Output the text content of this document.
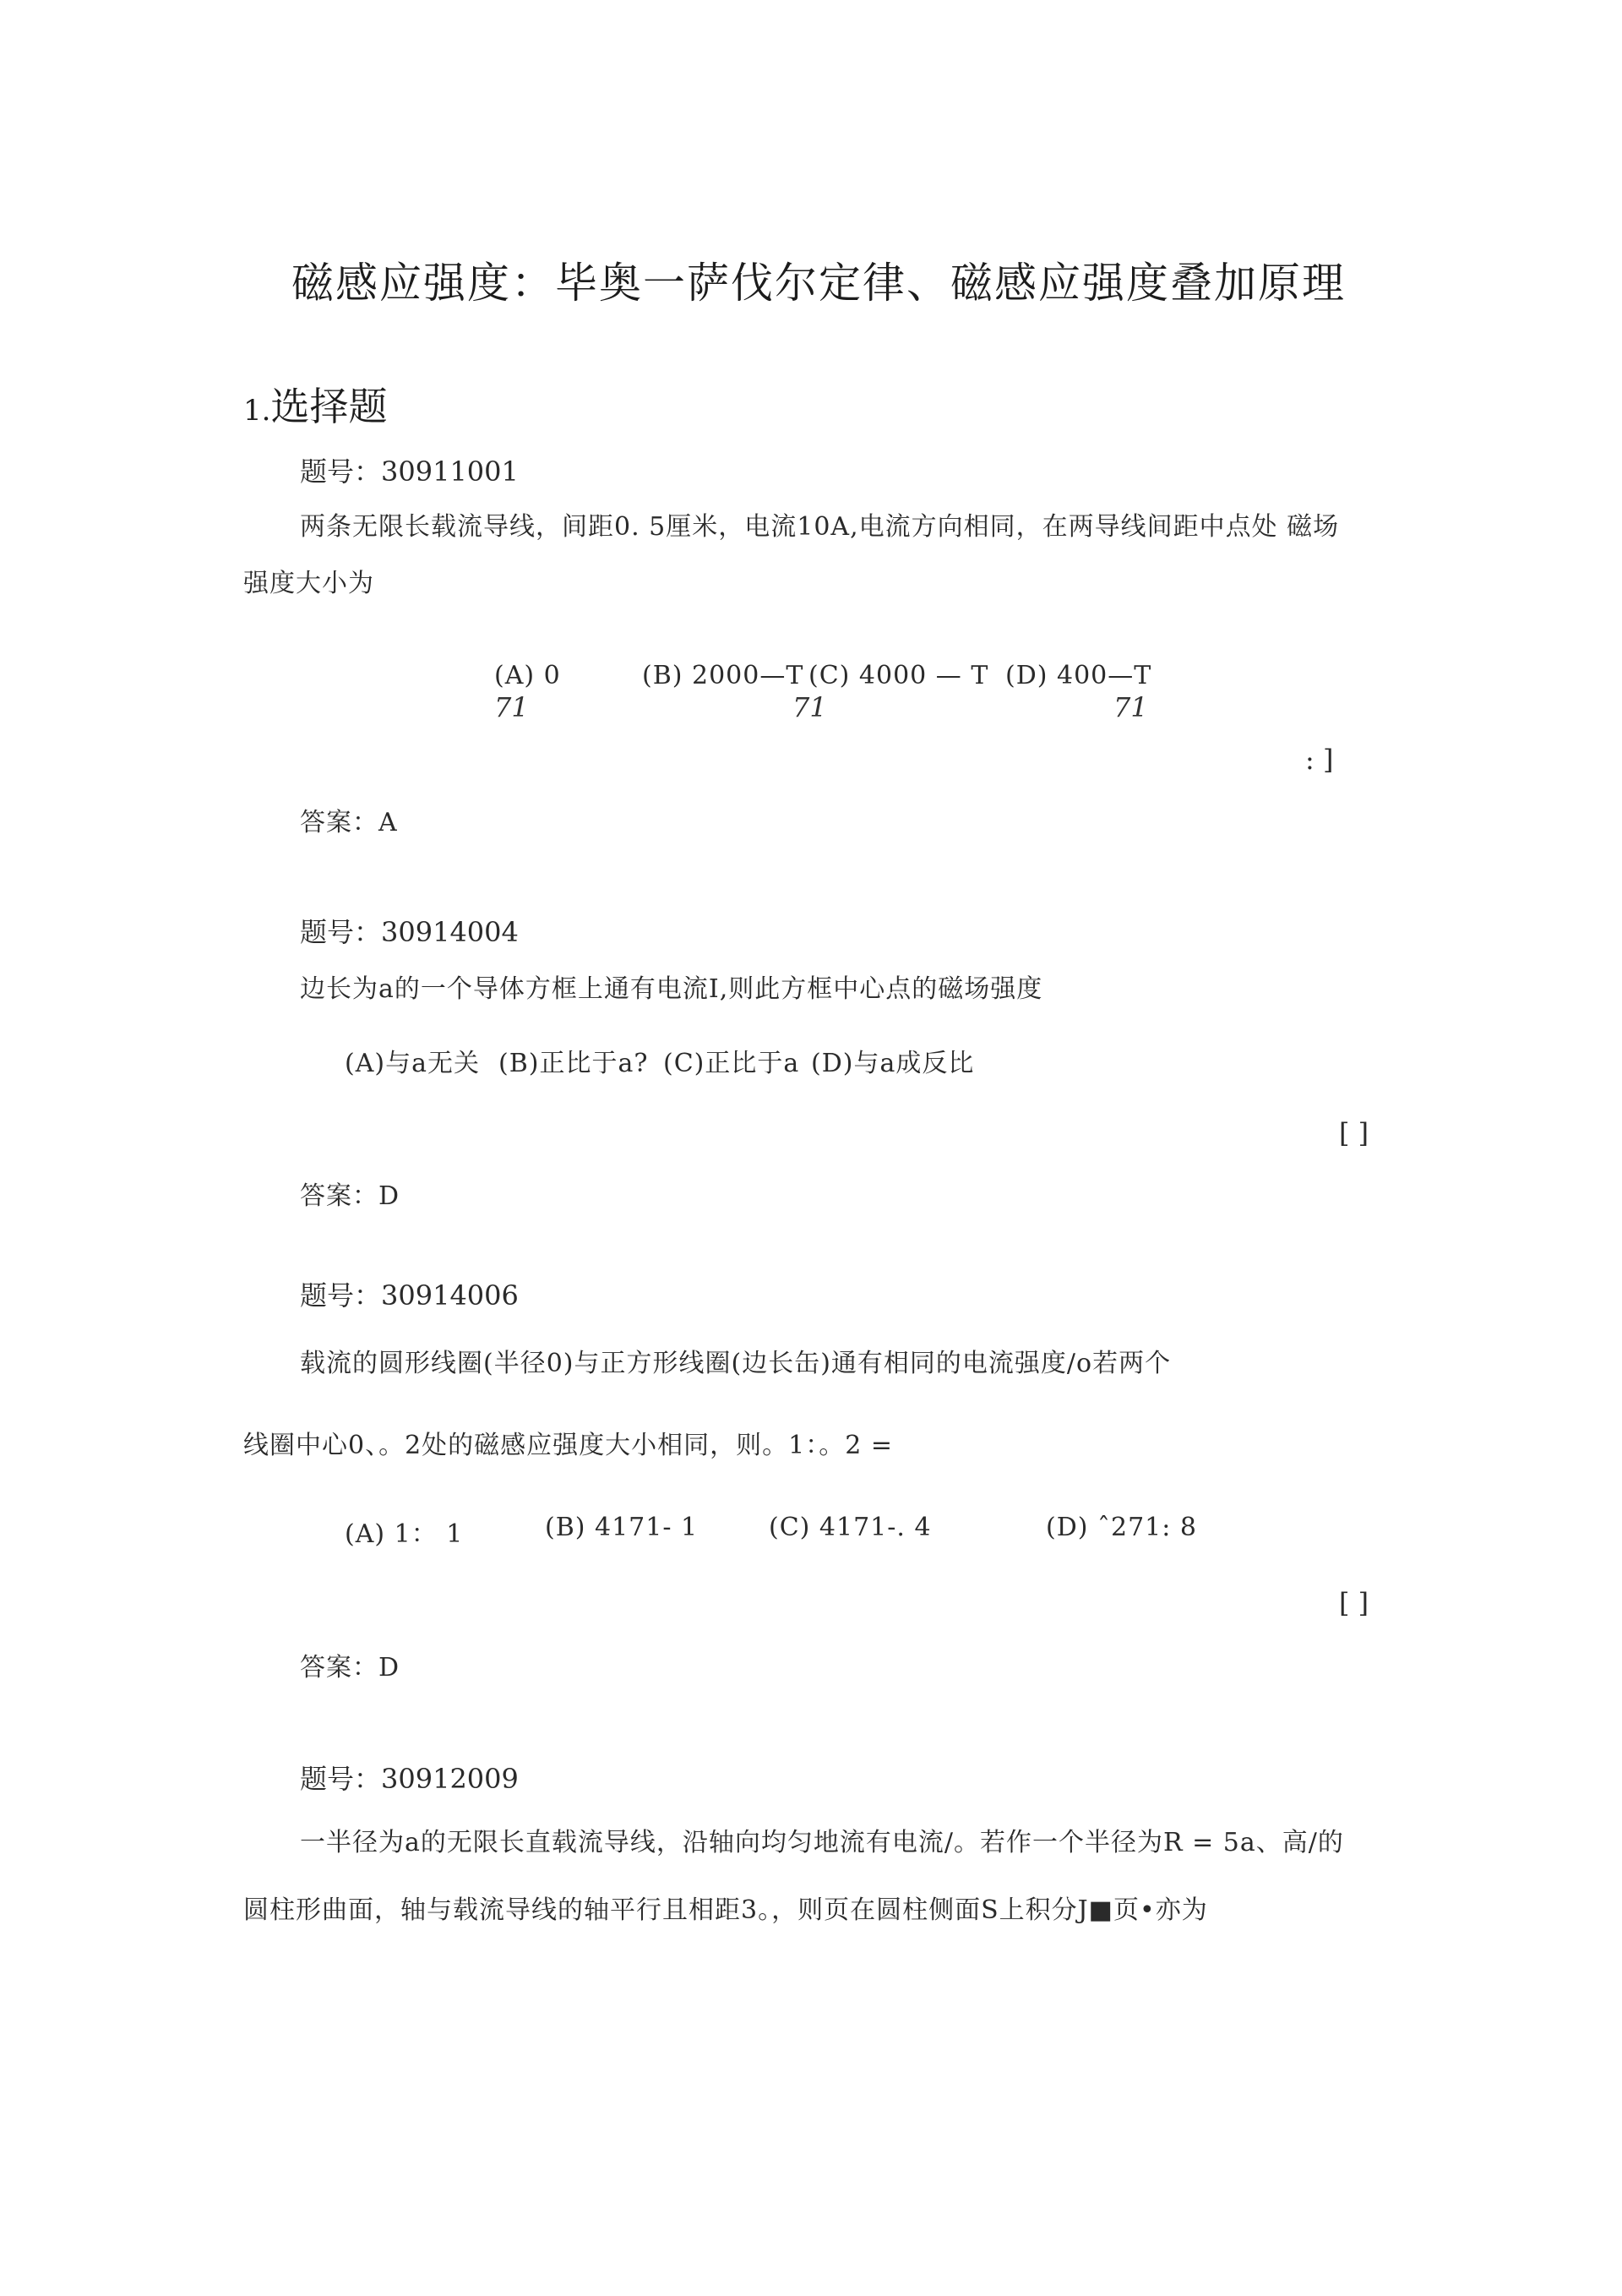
磁感应强度：毕奥一萨伐尔定律、磁感应强度叠加原理
1.选择题
题号：30911001
两条无限长载流导线，间距0. 5厘米，电流10A,电流方向相同，在两导线间距中点处 磁场
强度大小为
(A) 0	(B) 2000—T (C) 4000 — T (D) 400—T
71	71	71
: ]
答案：A
题号：30914004
边长为a的一个导体方框上通有电流I,则此方框中心点的磁场强度
(A)与a无关 (B)正比于a? (C)正比于a (D)与a成反比
[ ]
答案：D
题号：30914006
载流的圆形线圈(半径0)与正方形线圈(边长缶)通有相同的电流强度/o若两个
线圈中心0、。2处的磁感应强度大小相同，则。1：。2 =
(A) 1： 1	(B) 4171- 1	(C) 4171-. 4	(D) ˆ271: 8
[ ]
答案：D
题号：30912009
一半径为a的无限长直载流导线，沿轴向均匀地流有电流/。若作一个半径为R = 5a、高/的
圆柱形曲面，轴与载流导线的轴平行且相距3。，则页在圆柱侧面S上积分J■页•亦为
